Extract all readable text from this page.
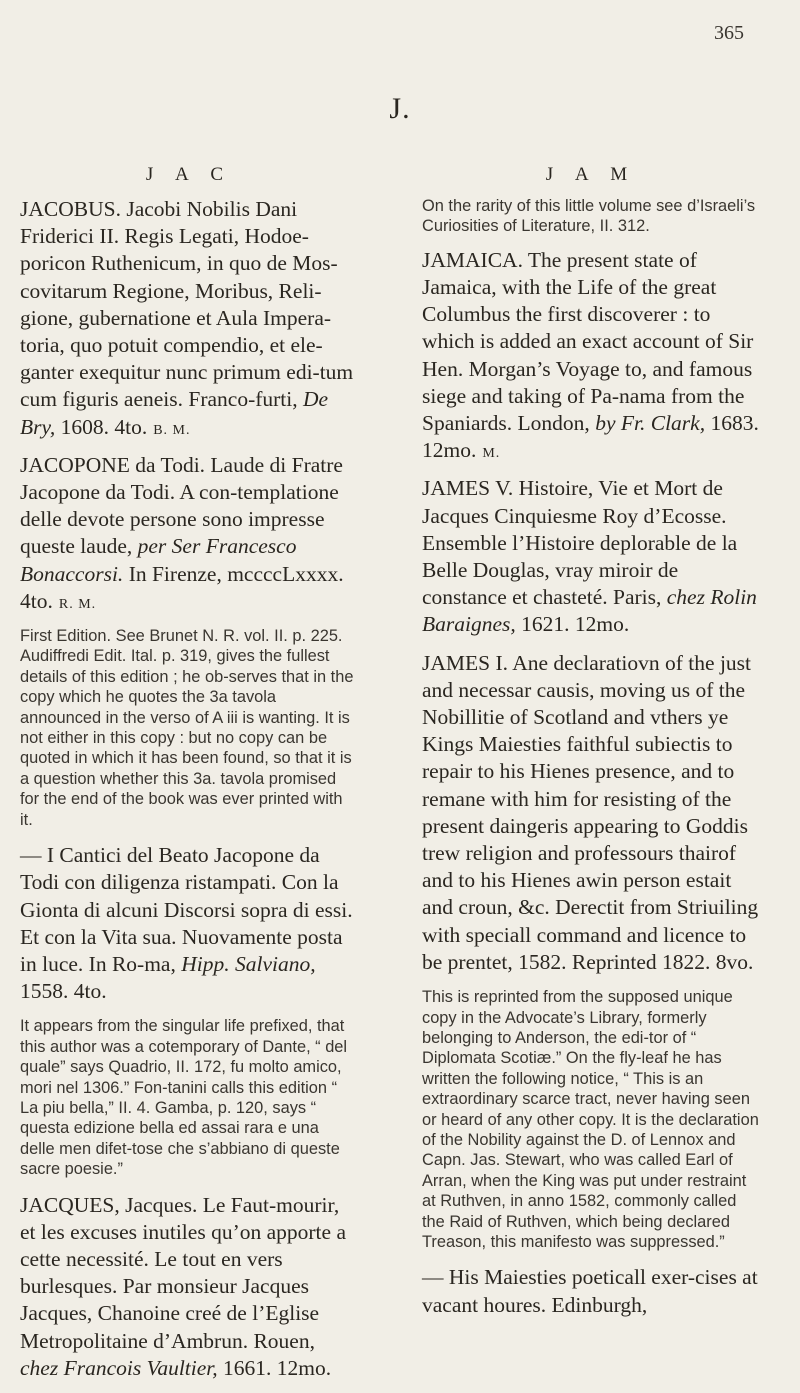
365
J.
J A C

JACOBUS. Jacobi Nobilis Dani Friderici II. Regis Legati, Hodoe-poricon Ruthenicum, in quo de Mos-covitarum Regione, Moribus, Reli-gione, gubernatione et Aula Impera-toria, quo potuit compendio, et ele-ganter exequitur nunc primum edi-tum cum figuris aeneis. Franco-furti, De Bry, 1608. 4to. B. M.

JACOPONE da Todi. Laude di Fratre Jacopone da Todi. A con-templatione delle devote persone sono impresse queste laude, per Ser Francesco Bonaccorsi. In Firenze, mccccLxxxx. 4to. R. M.

First Edition. See Brunet N. R. vol. II. p. 225. Audiffredi Edit. Ital. p. 319, gives the fullest details of this edition ; he ob-serves that in the copy which he quotes the 3a tavola announced in the verso of A iii is wanting. It is not either in this copy : but no copy can be quoted in which it has been found, so that it is a question whether this 3a. tavola promised for the end of the book was ever printed with it.

— I Cantici del Beato Jacopone da Todi con diligenza ristampati. Con la Gionta di alcuni Discorsi sopra di essi. Et con la Vita sua. Nuovamente posta in luce. In Ro-ma, Hipp. Salviano, 1558. 4to.

It appears from the singular life prefixed, that this author was a cotemporary of Dante, “ del quale” says Quadrio, II. 172, fu molto amico, mori nel 1306.” Fon-tanini calls this edition “ La piu bella,” II. 4. Gamba, p. 120, says “ questa edizione bella ed assai rara e una delle men difet-tose che s’abbiano di queste sacre poesie.”

JACQUES, Jacques. Le Faut-mourir, et les excuses inutiles qu’on apporte a cette necessité. Le tout en vers burlesques. Par monsieur Jacques Jacques, Chanoine creé de l’Eglise Metropolitaine d’Ambrun. Rouen, chez Francois Vaultier, 1661. 12mo.

J A M

On the rarity of this little volume see d’Israeli’s Curiosities of Literature, II. 312.

JAMAICA. The present state of Jamaica, with the Life of the great Columbus the first discoverer : to which is added an exact account of Sir Hen. Morgan’s Voyage to, and famous siege and taking of Pa-nama from the Spaniards. London, by Fr. Clark, 1683. 12mo. M.

JAMES V. Histoire, Vie et Mort de Jacques Cinquiesme Roy d’Ecosse. Ensemble l’Histoire deplorable de la Belle Douglas, vray miroir de constance et chasteté. Paris, chez Rolin Baraignes, 1621. 12mo.

JAMES I. Ane declaratiovn of the just and necessar causis, moving us of the Nobillitie of Scotland and vthers ye Kings Maiesties faithful subiectis to repair to his Hienes presence, and to remane with him for resisting of the present daingeris appearing to Goddis trew religion and professours thairof and to his Hienes awin person estait and croun, &c. Derectit from Striuiling with speciall command and licence to be prentet, 1582. Reprinted 1822. 8vo.

This is reprinted from the supposed unique copy in the Advocate’s Library, formerly belonging to Anderson, the edi-tor of “ Diplomata Scotiæ.” On the fly-leaf he has written the following notice, “ This is an extraordinary scarce tract, never having seen or heard of any other copy. It is the declaration of the Nobility against the D. of Lennox and Capn. Jas. Stewart, who was called Earl of Arran, when the King was put under restraint at Ruthven, in anno 1582, commonly called the Raid of Ruthven, which being declared Treason, this manifesto was suppressed.”

— His Maiesties poeticall exer-cises at vacant houres. Edinburgh,
